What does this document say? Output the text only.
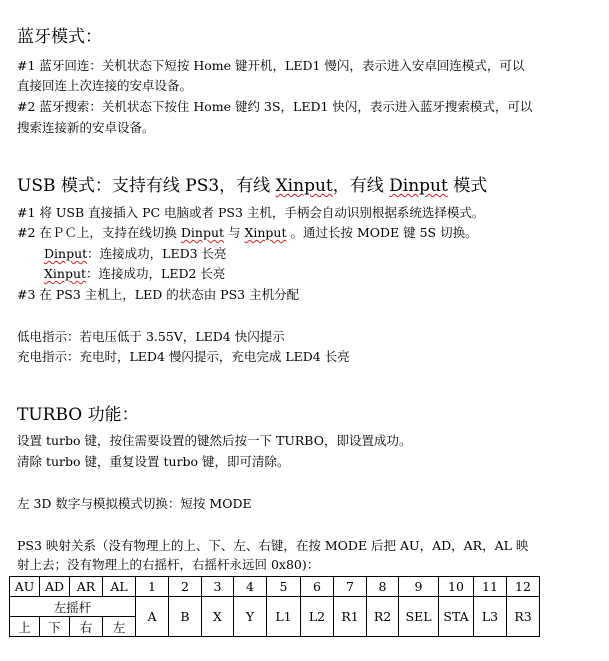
蓝牙模式：
#1 蓝牙回连：关机状态下短按 Home 键开机，LED1 慢闪，表示进入安卓回连模式，可以
直接回连上次连接的安卓设备。
#2 蓝牙搜索：关机状态下按住 Home 键约 3S，LED1 快闪，表示进入蓝牙搜索模式，可以
搜索连接新的安卓设备。
USB 模式：支持有线 PS3，有线 Xinput，有线 Dinput 模式
#1 将 USB 直接插入 PC 电脑或者 PS3 主机，手柄会自动识别根据系统选择模式。
#2 在ＰＣ上，支持在线切换 Dinput 与 Xinput 。通过长按 MODE 键 5S 切换。
Dinput：连接成功，LED3 长亮
Xinput：连接成功，LED2 长亮
#3 在 PS3 主机上，LED 的状态由 PS3 主机分配
低电指示：若电压低于 3.55V，LED4 快闪提示
充电指示：充电时，LED4 慢闪提示，充电完成 LED4 长亮
TURBO 功能：
设置 turbo 键，按住需要设置的键然后按一下 TURBO，即设置成功。
清除 turbo 键，重复设置 turbo 键，即可清除。
左 3D 数字与模拟模式切换：短按 MODE
PS3 映射关系（没有物理上的上、下、左、右键，在按 MODE 后把 AU，AD，AR，AL 映
射上去；没有物理上的右摇杆，右摇杆永远回 0x80)：
AU	AD	AR	AL	1	2	3	4	5	6	7	8	9	10	11	12
左摇杆				A	B	X	Y	L1	L2	R1	R2	SEL	STA	L3	R3
上	下	右	左												
